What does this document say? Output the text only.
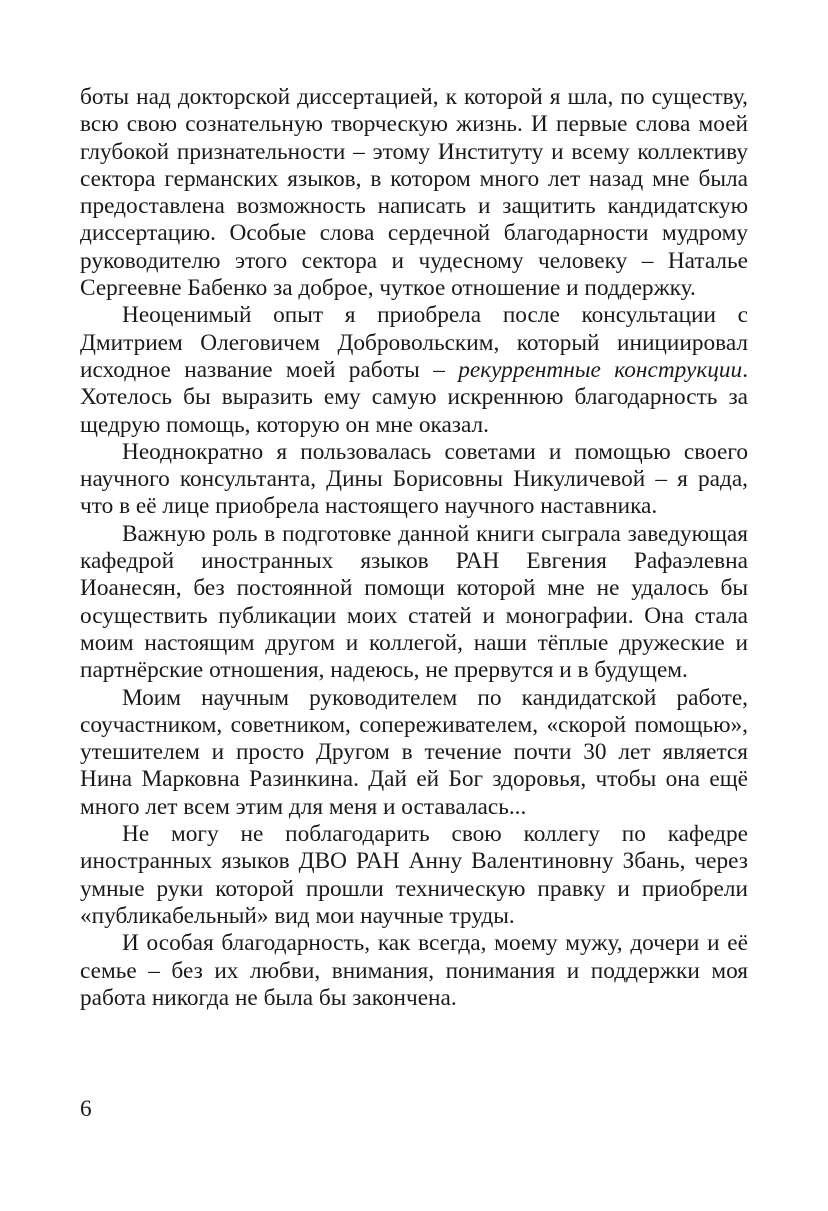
боты над докторской диссертацией, к которой я шла, по существу, всю свою сознательную творческую жизнь. И первые слова моей глубокой признательности – этому Институту и всему коллективу сектора германских языков, в котором много лет назад мне была предоставлена возможность написать и защитить кандидатскую диссертацию. Особые слова сердечной благодарности мудрому руководителю этого сектора и чудесному человеку – Наталье Сергеевне Бабенко за доброе, чуткое отношение и поддержку.

Неоценимый опыт я приобрела после консультации с Дмитрием Олеговичем Добровольским, который инициировал исходное название моей работы – рекуррентные конструкции. Хотелось бы выразить ему самую искреннюю благодарность за щедрую помощь, которую он мне оказал.

Неоднократно я пользовалась советами и помощью своего научного консультанта, Дины Борисовны Никуличевой – я рада, что в её лице приобрела настоящего научного наставника.

Важную роль в подготовке данной книги сыграла заведующая кафедрой иностранных языков РАН Евгения Рафаэлевна Иоанесян, без постоянной помощи которой мне не удалось бы осуществить публикации моих статей и монографии. Она стала моим настоящим другом и коллегой, наши тёплые дружеские и партнёрские отношения, надеюсь, не прервутся и в будущем.

Моим научным руководителем по кандидатской работе, соучастником, советником, сопереживателем, «скорой помощью», утешителем и просто Другом в течение почти 30 лет является Нина Марковна Разинкина. Дай ей Бог здоровья, чтобы она ещё много лет всем этим для меня и оставалась...

Не могу не поблагодарить свою коллегу по кафедре иностранных языков ДВО РАН Анну Валентиновну Збань, через умные руки которой прошли техническую правку и приобрели «публикабельный» вид мои научные труды.

И особая благодарность, как всегда, моему мужу, дочери и её семье – без их любви, внимания, понимания и поддержки моя работа никогда не была бы закончена.

6
